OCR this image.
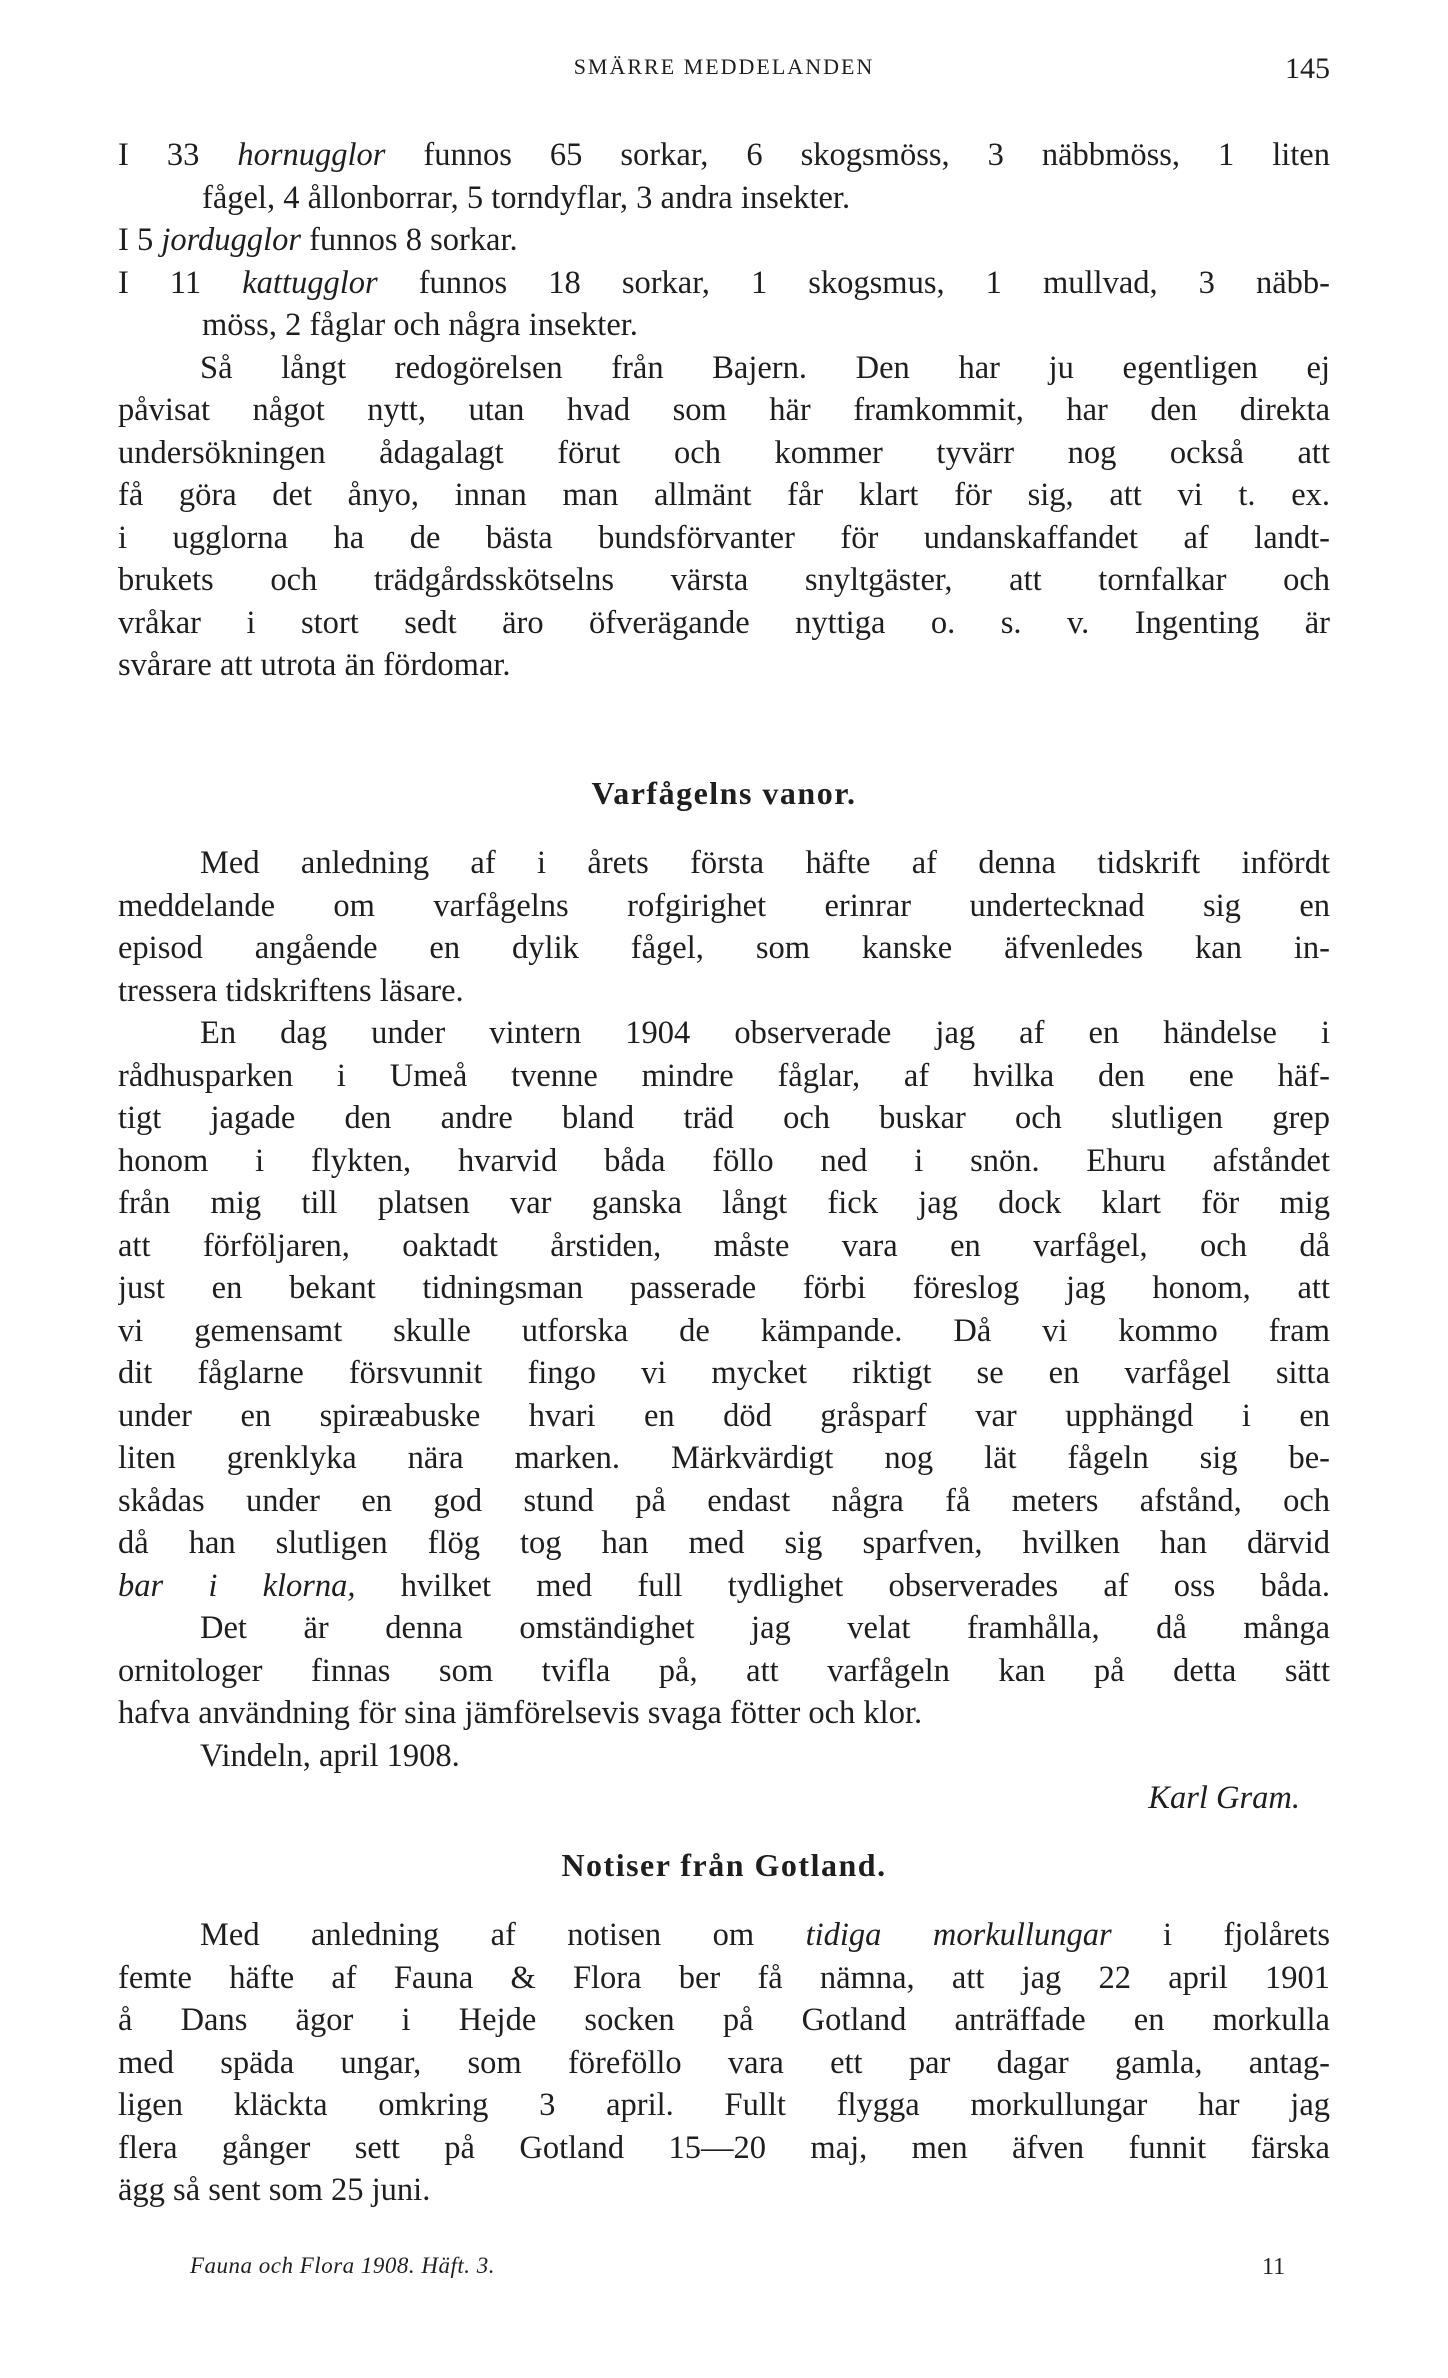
SMÄRRE MEDDELANDEN	145
I 33 hornugglor funnos 65 sorkar, 6 skogsmöss, 3 näbbmöss, 1 liten
fågel, 4 ållonborrar, 5 torndyflar, 3 andra insekter.
I 5 jordugglor funnos 8 sorkar.
I 11 kattugglor funnos 18 sorkar, 1 skogsmus, 1 mullvad, 3 näbb-
möss, 2 fåglar och några insekter.
Så långt redogörelsen från Bajern. Den har ju egentligen ej
påvisat något nytt, utan hvad som här framkommit, har den direkta
undersökningen ådagalagt förut och kommer tyvärr nog också att
få göra det ånyo, innan man allmänt får klart för sig, att vi t. ex.
i ugglorna ha de bästa bundsförvanter för undanskaffandet af landt-
brukets och trädgårdsskötselns värsta snyltgäster, att tornfalkar och
vråkar i stort sedt äro öfverägande nyttiga o. s. v. Ingenting är
svårare att utrota än fördomar.
Varfågelns vanor.
Med anledning af i årets första häfte af denna tidskrift infördt
meddelande om varfågelns rofgirighet erinrar undertecknad sig en
episod angående en dylik fågel, som kanske äfvenledes kan in-
tressera tidskriftens läsare.
En dag under vintern 1904 observerade jag af en händelse i
rådhusparken i Umeå tvenne mindre fåglar, af hvilka den ene häf-
tigt jagade den andre bland träd och buskar och slutligen grep
honom i flykten, hvarvid båda föllo ned i snön. Ehuru afståndet
från mig till platsen var ganska långt fick jag dock klart för mig
att förföljaren, oaktadt årstiden, måste vara en varfågel, och då
just en bekant tidningsman passerade förbi föreslog jag honom, att
vi gemensamt skulle utforska de kämpande. Då vi kommo fram
dit fåglarne försvunnit fingo vi mycket riktigt se en varfågel sitta
under en spiræabuske hvari en död gråsparf var upphängd i en
liten grenklyka nära marken. Märkvärdigt nog lät fågeln sig be-
skådas under en god stund på endast några få meters afstånd, och
då han slutligen flög tog han med sig sparfven, hvilken han därvid
bar i klorna, hvilket med full tydlighet observerades af oss båda.
Det är denna omständighet jag velat framhålla, då många
ornitologer finnas som tvifla på, att varfågeln kan på detta sätt
hafva användning för sina jämförelsevis svaga fötter och klor.
Vindeln, april 1908.
Karl Gram.
Notiser från Gotland.
Med anledning af notisen om tidiga morkullungar i fjolårets
femte häfte af Fauna & Flora ber få nämna, att jag 22 april 1901
å Dans ägor i Hejde socken på Gotland anträffade en morkulla
med späda ungar, som föreföllo vara ett par dagar gamla, antag-
ligen kläckta omkring 3 april. Fullt flygga morkullungar har jag
flera gånger sett på Gotland 15—20 maj, men äfven funnit färska
ägg så sent som 25 juni.
Fauna och Flora 1908. Häft. 3.	11
